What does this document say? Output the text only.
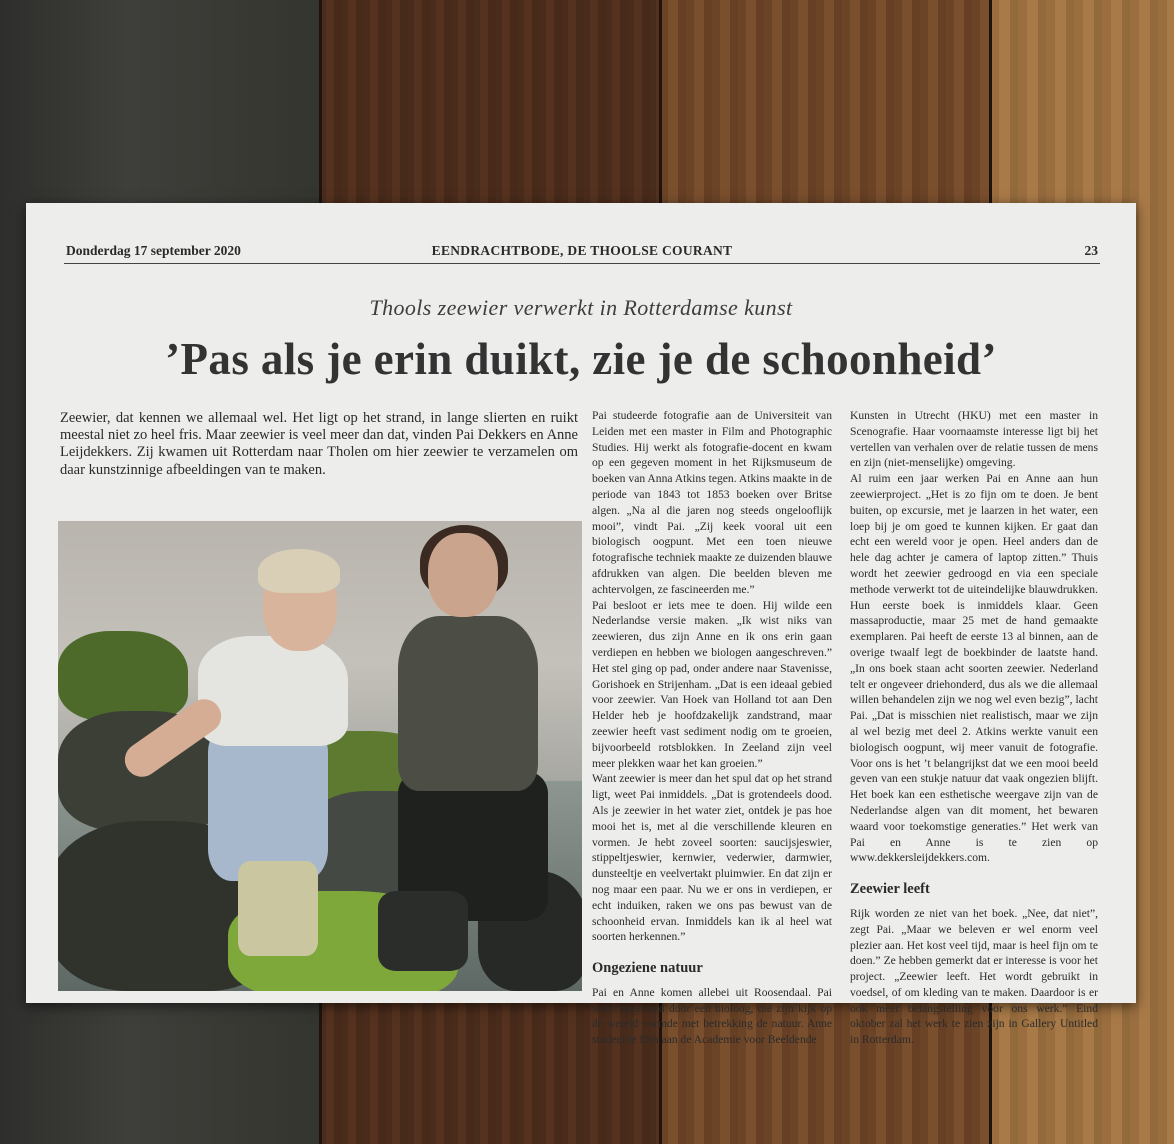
Donderdag 17 september 2020	EENDRACHTBODE, DE THOOLSE COURANT	23
Thools zeewier verwerkt in Rotterdamse kunst
’Pas als je erin duikt, zie je de schoonheid’
Zeewier, dat kennen we allemaal wel. Het ligt op het strand, in lange slierten en ruikt meestal niet zo heel fris. Maar zeewier is veel meer dan dat, vinden Pai Dekkers en Anne Leijdekkers. Zij kwamen uit Rotterdam naar Tholen om hier zeewier te verzamelen om daar kunstzinnige afbeeldingen van te maken.

Pai studeerde fotografie aan de Universiteit van Leiden met een master in Film and Photographic Studies. Hij werkt als fotografie-docent en kwam op een gegeven moment in het Rijksmuseum de boeken van Anna Atkins tegen. Atkins maakte in de periode van 1843 tot 1853 boeken over Britse algen. „Na al die jaren nog steeds ongelooflijk mooi”, vindt Pai. „Zij keek vooral uit een biologisch oogpunt. Met een toen nieuwe fotografische techniek maakte ze duizenden blauwe afdrukken van algen. Die beelden bleven me achtervolgen, ze fascineerden me.”

Pai besloot er iets mee te doen. Hij wilde een Nederlandse versie maken. „Ik wist niks van zeewieren, dus zijn Anne en ik ons erin gaan verdiepen en hebben we biologen aangeschreven.” Het stel ging op pad, onder andere naar Stavenisse, Gorishoek en Strijenham. „Dat is een ideaal gebied voor zeewier. Van Hoek van Holland tot aan Den Helder heb je hoofdzakelijk zandstrand, maar zeewier heeft vast sediment nodig om te groeien, bijvoorbeeld rotsblokken. In Zeeland zijn veel meer plekken waar het kan groeien.”

Want zeewier is meer dan het spul dat op het strand ligt, weet Pai inmiddels. „Dat is grotendeels dood. Als je zeewier in het water ziet, ontdek je pas hoe mooi het is, met al die verschillende kleuren en vormen. Je hebt zoveel soorten: saucijsjeswier, stippeltjeswier, kernwier, vederwier, darmwier, dunsteeltje en veelvertakt pluimwier. En dat zijn er nog maar een paar. Nu we er ons in verdiepen, er echt induiken, raken we ons pas bewust van de schoonheid ervan. Inmiddels kan ik al heel wat soorten herkennen.”

Ongeziene natuur

Pai en Anne komen allebei uit Roosendaal. Pai werd opgevoed door een bioloog, die zijn kijk op de wereld vormde met betrekking de natuur. Anne studeerde film aan de Academie voor Beeldende

Kunsten in Utrecht (HKU) met een master in Scenografie. Haar voornaamste interesse ligt bij het vertellen van verhalen over de relatie tussen de mens en zijn (niet-menselijke) omgeving.

Al ruim een jaar werken Pai en Anne aan hun zeewierproject. „Het is zo fijn om te doen. Je bent buiten, op excursie, met je laarzen in het water, een loep bij je om goed te kunnen kijken. Er gaat dan echt een wereld voor je open. Heel anders dan de hele dag achter je camera of laptop zitten.” Thuis wordt het zeewier gedroogd en via een speciale methode verwerkt tot de uiteindelijke blauwdrukken. Hun eerste boek is inmiddels klaar. Geen massaproductie, maar 25 met de hand gemaakte exemplaren. Pai heeft de eerste 13 al binnen, aan de overige twaalf legt de boekbinder de laatste hand. „In ons boek staan acht soorten zeewier. Nederland telt er ongeveer driehonderd, dus als we die allemaal willen behandelen zijn we nog wel even bezig”, lacht Pai. „Dat is misschien niet realistisch, maar we zijn al wel bezig met deel 2. Atkins werkte vanuit een biologisch oogpunt, wij meer vanuit de fotografie. Voor ons is het ’t belangrijkst dat we een mooi beeld geven van een stukje natuur dat vaak ongezien blijft. Het boek kan een esthetische weergave zijn van de Nederlandse algen van dit moment, het bewaren waard voor toekomstige generaties.” Het werk van Pai en Anne is te zien op www.dekkersleijdekkers.com.

Zeewier leeft

Rijk worden ze niet van het boek. „Nee, dat niet”, zegt Pai. „Maar we beleven er wel enorm veel plezier aan. Het kost veel tijd, maar is heel fijn om te doen.” Ze hebben gemerkt dat er interesse is voor het project. „Zeewier leeft. Het wordt gebruikt in voedsel, of om kleding van te maken. Daardoor is er ook meer belangstelling voor ons werk.” Eind oktober zal het werk te zien zijn in Gallery Untitled in Rotterdam.
